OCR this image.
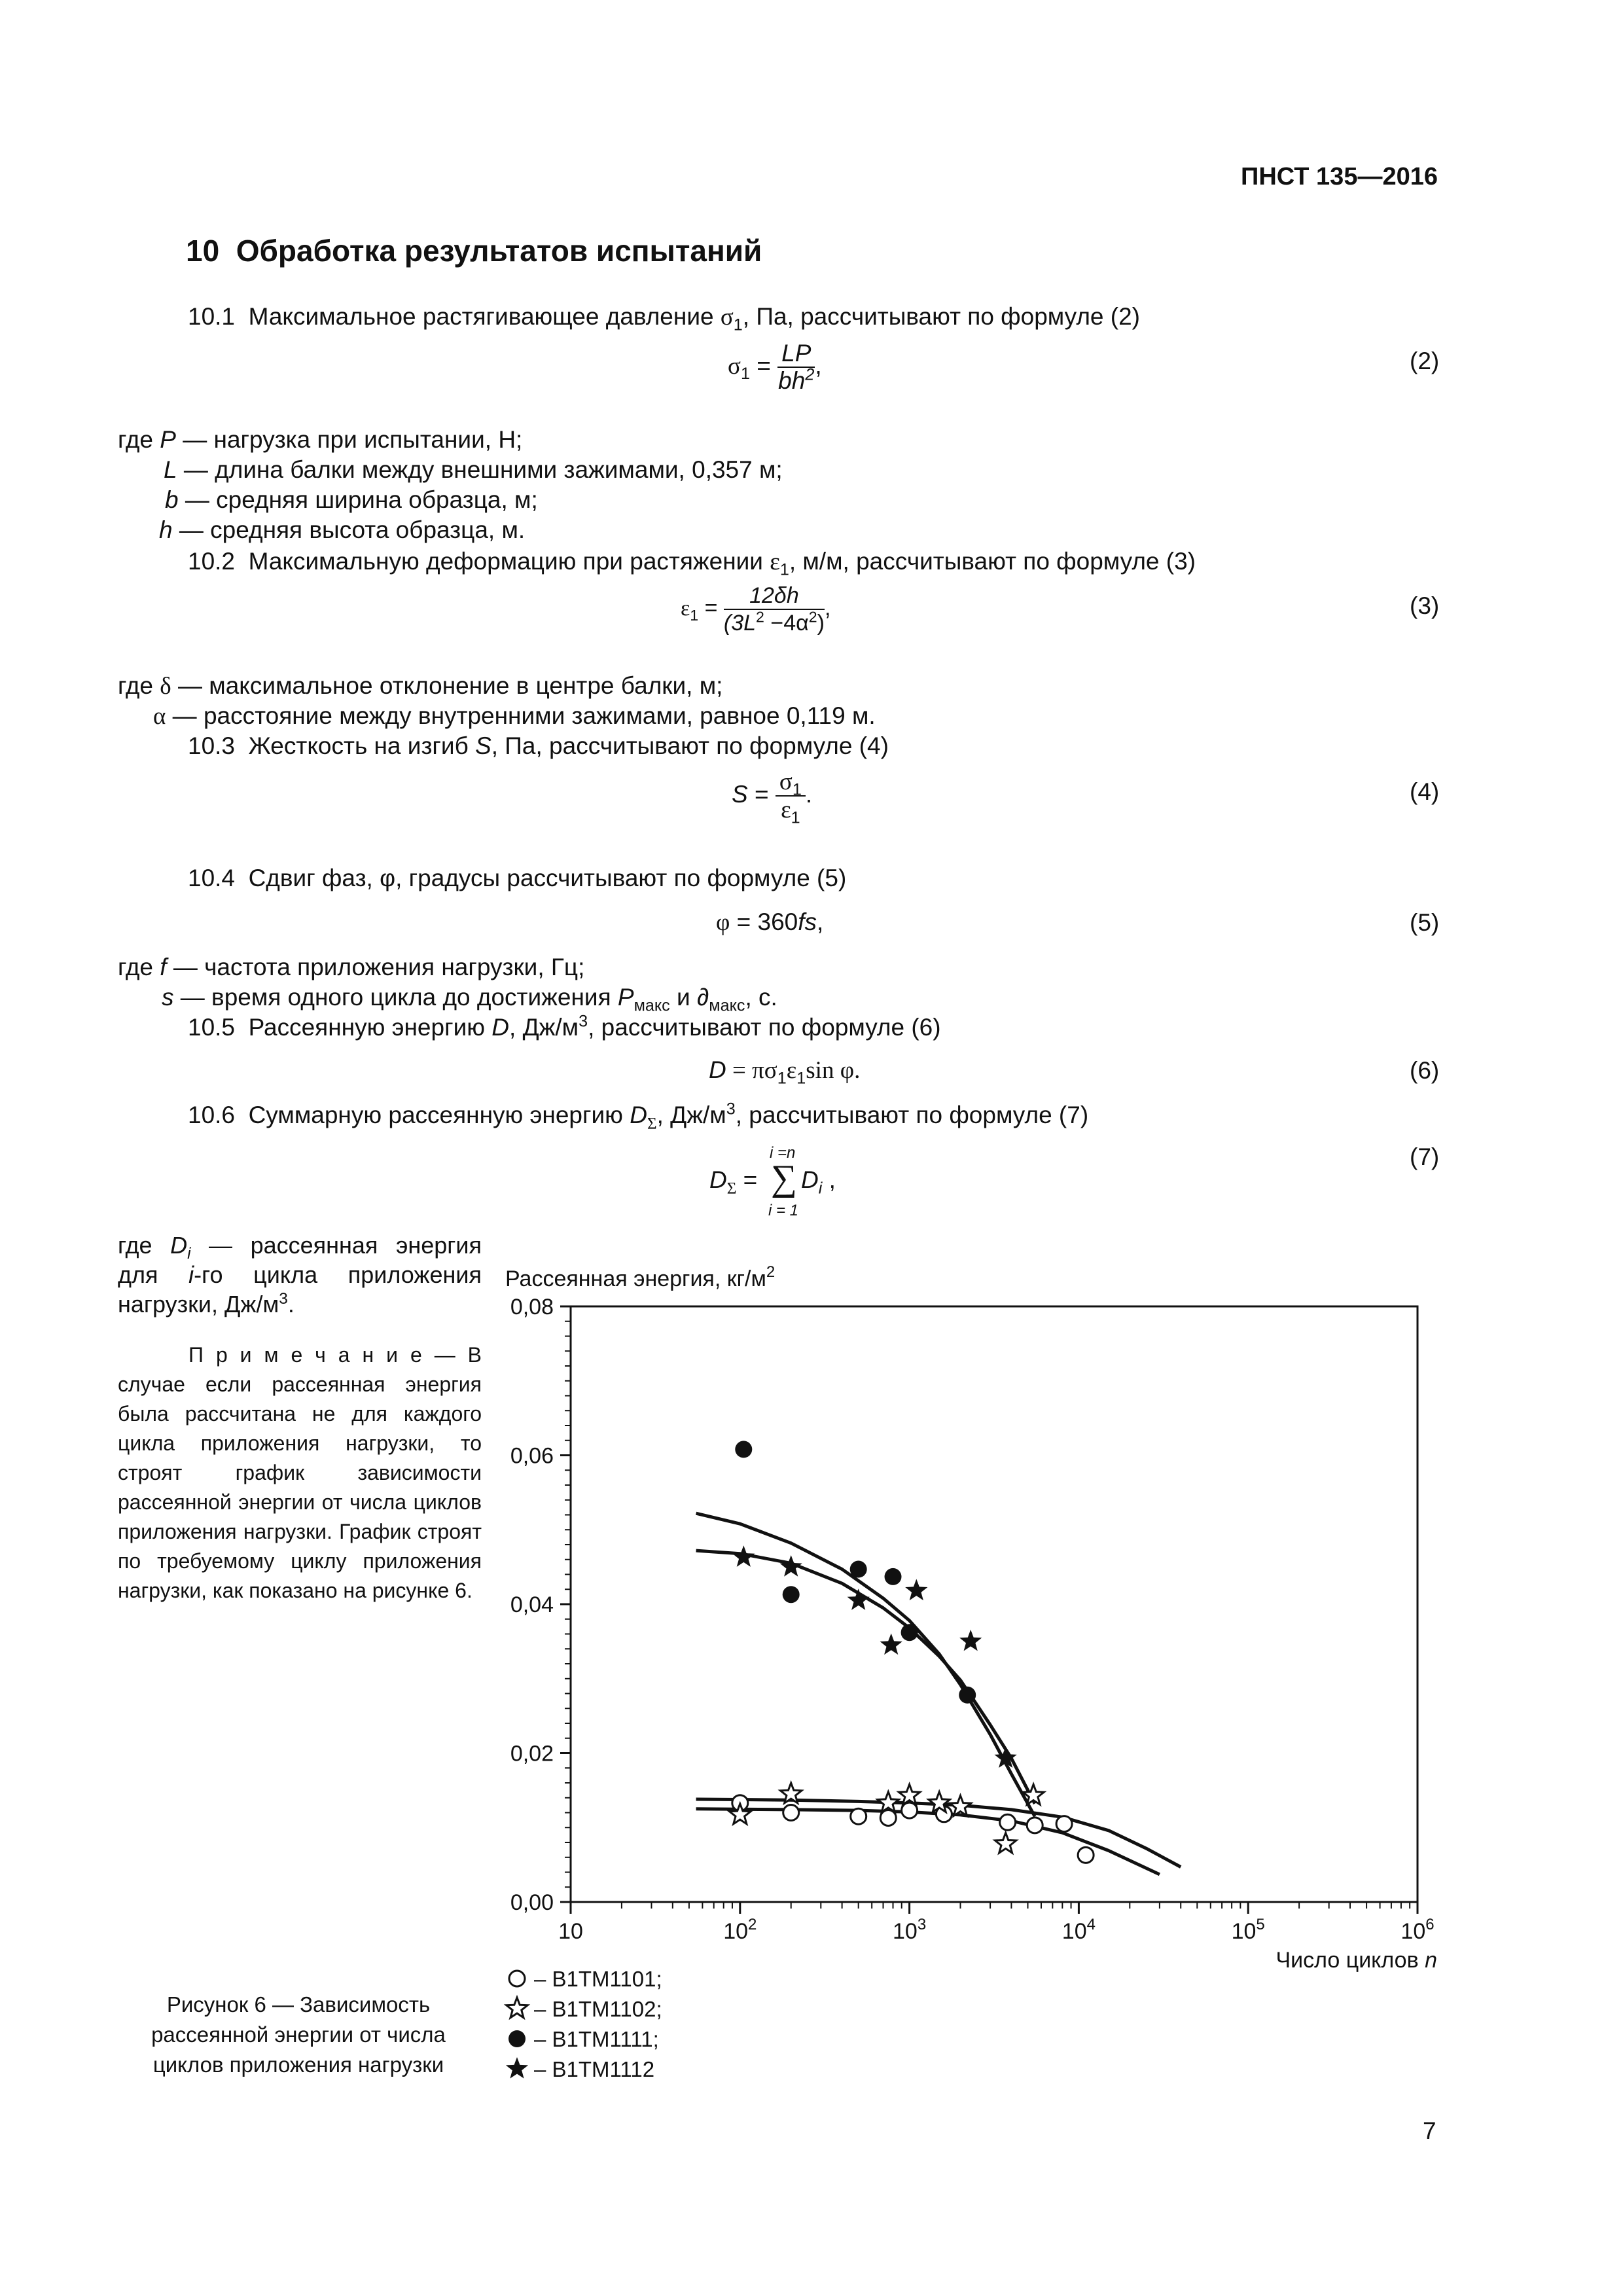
ПНСТ 135—2016
10 Обработка результатов испытаний
10.1 Максимальное растягивающее давление $\sigma_1$, Па, рассчитывают по формуле (2)
$\sigma_1 = \frac{LP}{bh^2}$ ,	(2)
где P — нагрузка при испытании, Н;
L — длина балки между внешними зажимами, 0,357 м;
b — средняя ширина образца, м;
h — средняя высота образца, м.
10.2 Максимальную деформацию при растяжении $\varepsilon_1$, м/м, рассчитывают по формуле (3)
$\varepsilon_1 = \frac{12\delta h}{(3L^2 -4\alpha^2)}$ ,	(3)
где δ — максимальное отклонение в центре балки, м;
α — расстояние между внутренними зажимами, равное 0,119 м.
10.3 Жесткость на изгиб S, Па, рассчитывают по формуле (4)
$S = \frac{\sigma_1}{\varepsilon_1}$ .	(4)
10.4 Сдвиг фаз, φ, градусы рассчитывают по формуле (5)
φ = 360fs,	(5)
где f — частота приложения нагрузки, Гц;
s — время одного цикла до достижения $P_{макс}$ и $\partial_{макс}$, с.
10.5 Рассеянную энергию D, $Дж/м^3$, рассчитывают по формуле (6)
$D = \pi\sigma_1\varepsilon_1\sin$ φ.	(6)
10.6 Суммарную рассеянную энергию $D_\Sigma$, $Дж/м^3$, рассчитывают по формуле (7)
$D_\Sigma$ =
i =n
∑
i = 1
$D_i$ ,
(7)
где $D_i$ — рассеянная энергия для i-го цикла приложения нагрузки, $Дж/м^3$.
П р и м е ч а н и е — В случае если рассеянная энергия была рассчитана не для каждого цикла приложения нагрузки, то строят график зависимости рассеянной энергии от числа циклов приложения нагрузки. График строят по требуемому циклу приложения нагрузки, как показано на рисунке 6.
Рисунок 6 — Зависимость рассеянной энергии от числа циклов приложения нагрузки
0,00
0,02
0,04
0,06
0,08
10	$10^2$	$10^3$	$10^4$	$10^5$	$10^6$
Рассеянная энергия, $кг/м^2$
Число циклов n
– B1TM1101;
– B1TM1102;
– B1TM1111;
– B1TM1112
7
